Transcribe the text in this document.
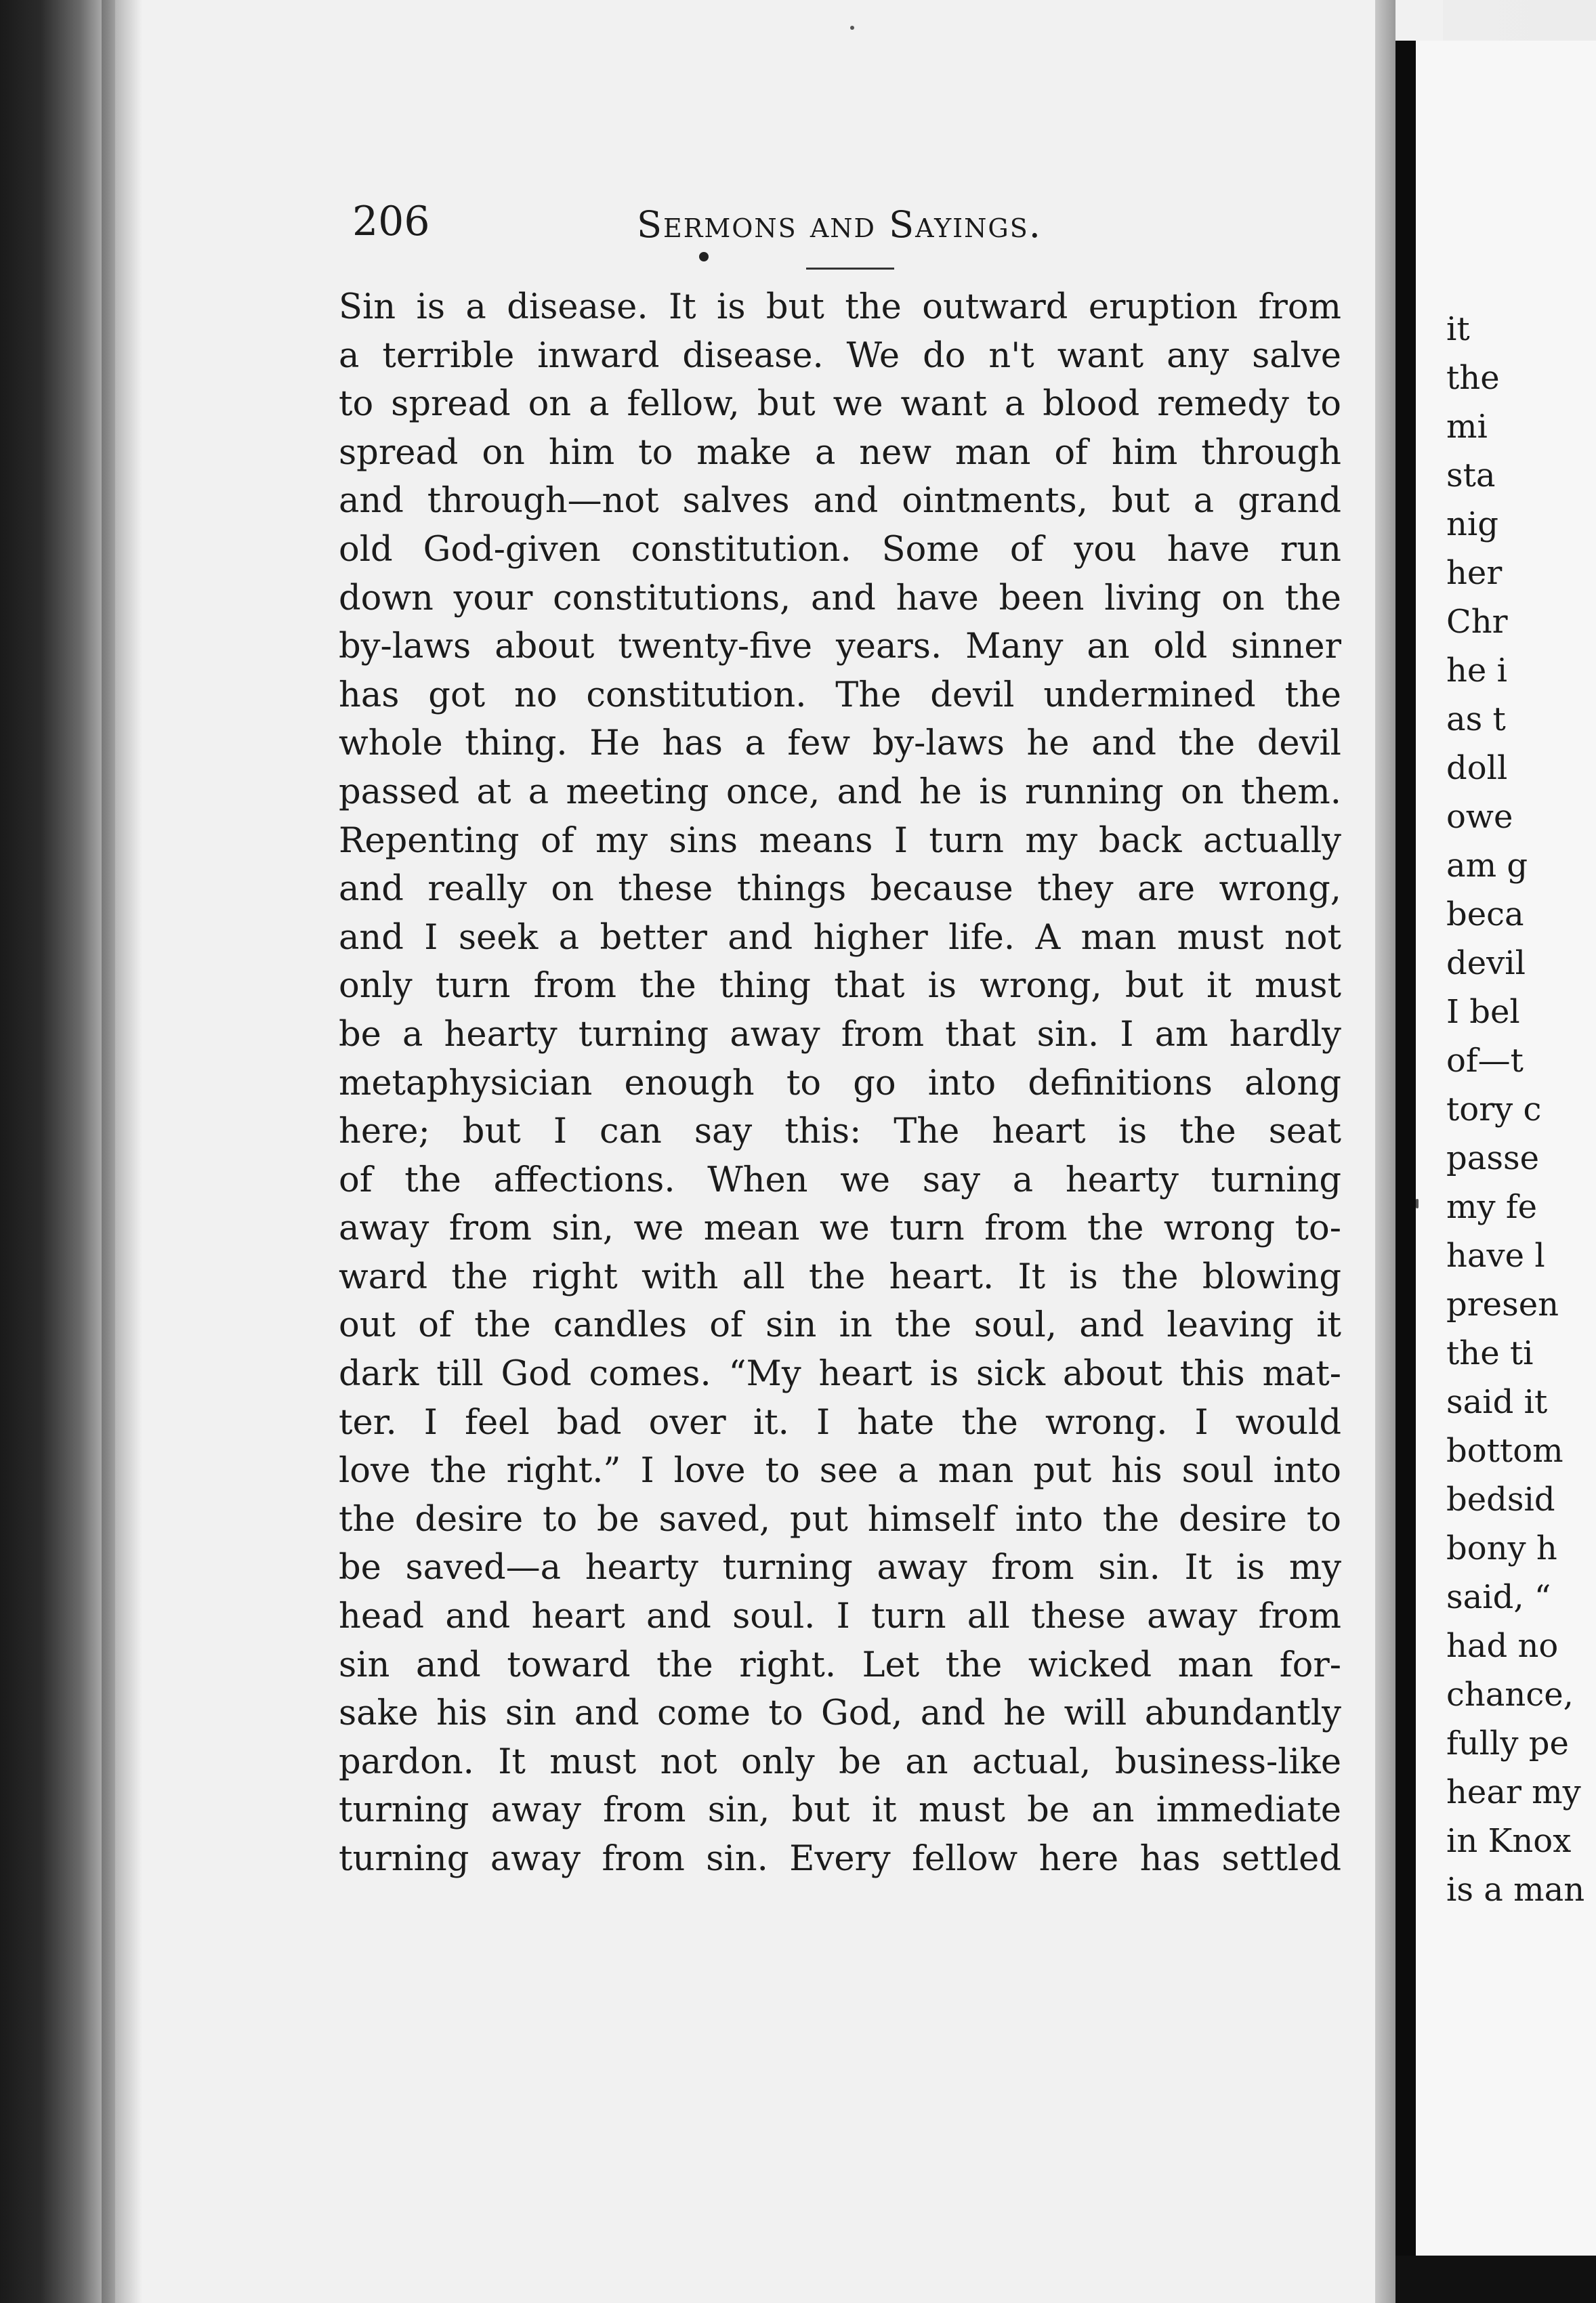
206	Sermons and Sayings.
Sin is a disease. It is but the outward eruption from
a terrible inward disease. We do n't want any salve
to spread on a fellow, but we want a blood remedy to
spread on him to make a new man of him through
and through—not salves and ointments, but a grand
old God-given constitution. Some of you have run
down your constitutions, and have been living on the
by-laws about twenty-five years. Many an old sinner
has got no constitution. The devil undermined the
whole thing. He has a few by-laws he and the devil
passed at a meeting once, and he is running on them.
Repenting of my sins means I turn my back actually
and really on these things because they are wrong,
and I seek a better and higher life. A man must not
only turn from the thing that is wrong, but it must
be a hearty turning away from that sin. I am hardly
metaphysician enough to go into definitions along
here; but I can say this: The heart is the seat
of the affections. When we say a hearty turning
away from sin, we mean we turn from the wrong to-
ward the right with all the heart. It is the blowing
out of the candles of sin in the soul, and leaving it
dark till God comes. “My heart is sick about this mat-
ter. I feel bad over it. I hate the wrong. I would
love the right.” I love to see a man put his soul into
the desire to be saved, put himself into the desire to
be saved—a hearty turning away from sin. It is my
head and heart and soul. I turn all these away from
sin and toward the right. Let the wicked man for-
sake his sin and come to God, and he will abundantly
pardon. It must not only be an actual, business-like
turning away from sin, but it must be an immediate
turning away from sin. Every fellow here has settled
it
the
mi
sta
nig
her
Chr
he i
as t
doll
owe
am g
beca
devil
I bel
of—t
tory c
passe
my fe
have l
presen
the ti
said it
bottom
bedsid
bony h
said, “
had no
chance,
fully pe
hear my
in Knox
is a man
